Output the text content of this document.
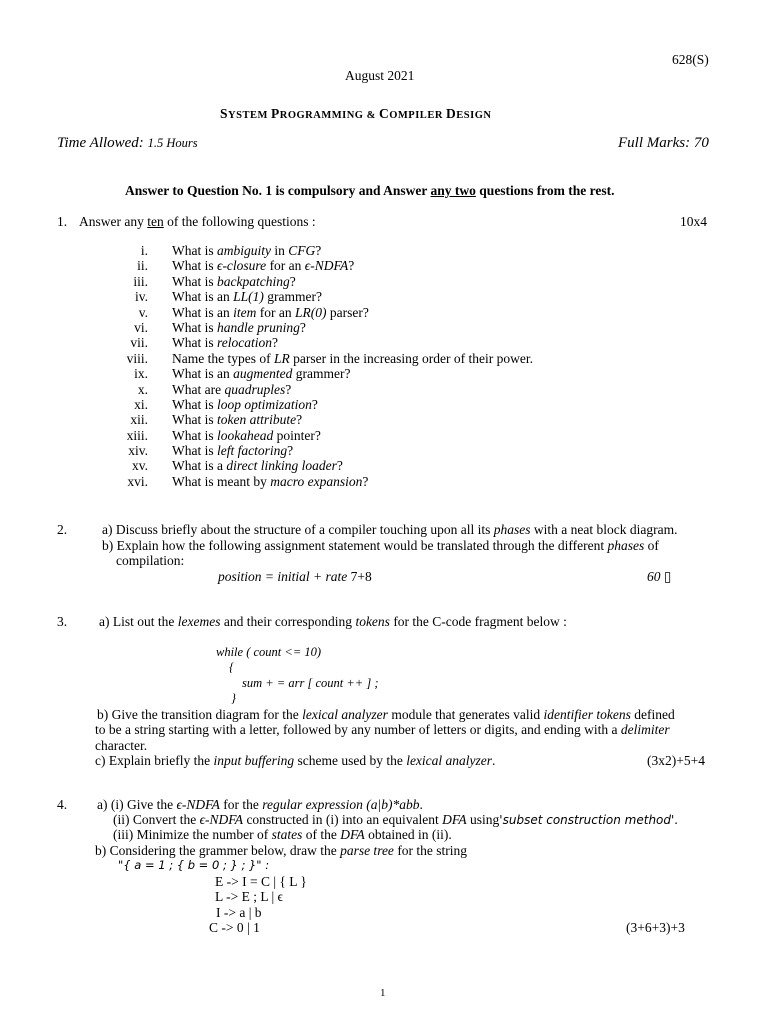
628(S)
August 2021
SYSTEM PROGRAMMING & COMPILER DESIGN
Time Allowed: 1.5 Hours	Full Marks: 70
Answer to Question No. 1 is compulsory and Answer any two questions from the rest.
1. Answer any ten of the following questions :	10x4
i. What is ambiguity in CFG?
ii. What is ϵ-closure for an ϵ-NDFA?
iii. What is backpatching?
iv. What is an LL(1) grammer?
v. What is an item for an LR(0) parser?
vi. What is handle pruning?
vii. What is relocation?
viii. Name the types of LR parser in the increasing order of their power.
ix. What is an augmented grammer?
x. What are quadruples?
xi. What is loop optimization?
xii. What is token attribute?
xiii. What is lookahead pointer?
xiv. What is left factoring?
xv. What is a direct linking loader?
xvi. What is meant by macro expansion?
2.	a) Discuss briefly about the structure of a compiler touching upon all its phases with a neat block diagram.
b) Explain how the following assignment statement would be translated through the different phases of
compilation:
position = initial + rate 7+8	60 ▯
3. a) List out the lexemes and their corresponding tokens for the C-code fragment below :
while ( count <= 10)
{
sum + = arr [ count ++ ] ;
}
b) Give the transition diagram for the lexical analyzer module that generates valid identifier tokens defined
to be a string starting with a letter, followed by any number of letters or digits, and ending with a delimiter
character.
c) Explain briefly the input buffering scheme used by the lexical analyzer.	(3x2)+5+4
4. a) (i) Give the ϵ-NDFA for the regular expression (a|b)*abb.
(ii) Convert the ϵ-NDFA constructed in (i) into an equivalent DFA using'subset construction method'.
(iii) Minimize the number of states of the DFA obtained in (ii).
b) Considering the grammer below, draw the parse tree for the string
"{ a = 1 ; { b = 0 ; } ; }" :
E -> I = C | { L }
L -> E ; L | ϵ
I -> a | b
C -> 0 | 1	(3+6+3)+3
1
